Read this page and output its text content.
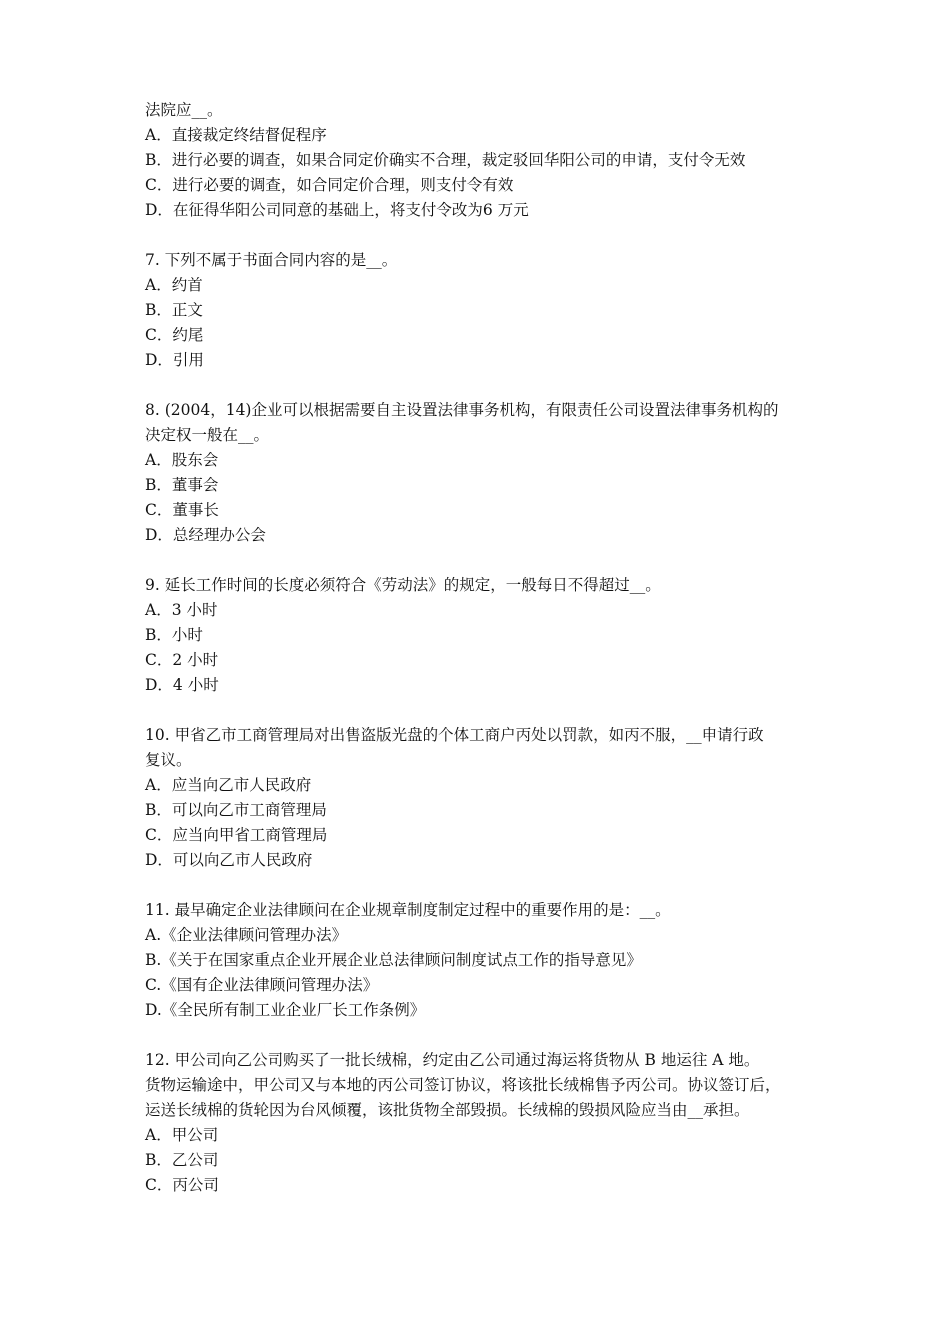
法院应__。
A．直接裁定终结督促程序
B．进行必要的调查，如果合同定价确实不合理，裁定驳回华阳公司的申请，支付令无效
C．进行必要的调查，如合同定价合理，则支付令有效
D．在征得华阳公司同意的基础上，将支付令改为6 万元
7. 下列不属于书面合同内容的是__。
A．约首
B．正文
C．约尾
D．引用
8. (2004，14)企业可以根据需要自主设置法律事务机构，有限责任公司设置法律事务机构的
决定权一般在__。
A．股东会
B．董事会
C．董事长
D．总经理办公会
9. 延长工作时间的长度必须符合《劳动法》的规定，一般每日不得超过__。
A．3 小时
B．小时
C．2 小时
D．4 小时
10. 甲省乙市工商管理局对出售盗版光盘的个体工商户丙处以罚款，如丙不服，__申请行政
复议。
A．应当向乙市人民政府
B．可以向乙市工商管理局
C．应当向甲省工商管理局
D．可以向乙市人民政府
11. 最早确定企业法律顾问在企业规章制度制定过程中的重要作用的是：__。
A.《企业法律顾问管理办法》
B.《关于在国家重点企业开展企业总法律顾问制度试点工作的指导意见》
C.《国有企业法律顾问管理办法》
D.《全民所有制工业企业厂长工作条例》
12. 甲公司向乙公司购买了一批长绒棉，约定由乙公司通过海运将货物从 B 地运往 A 地。
货物运输途中，甲公司又与本地的丙公司签订协议，将该批长绒棉售予丙公司。协议签订后，
运送长绒棉的货轮因为台风倾覆，该批货物全部毁损。长绒棉的毁损风险应当由__承担。
A．甲公司
B．乙公司
C．丙公司
